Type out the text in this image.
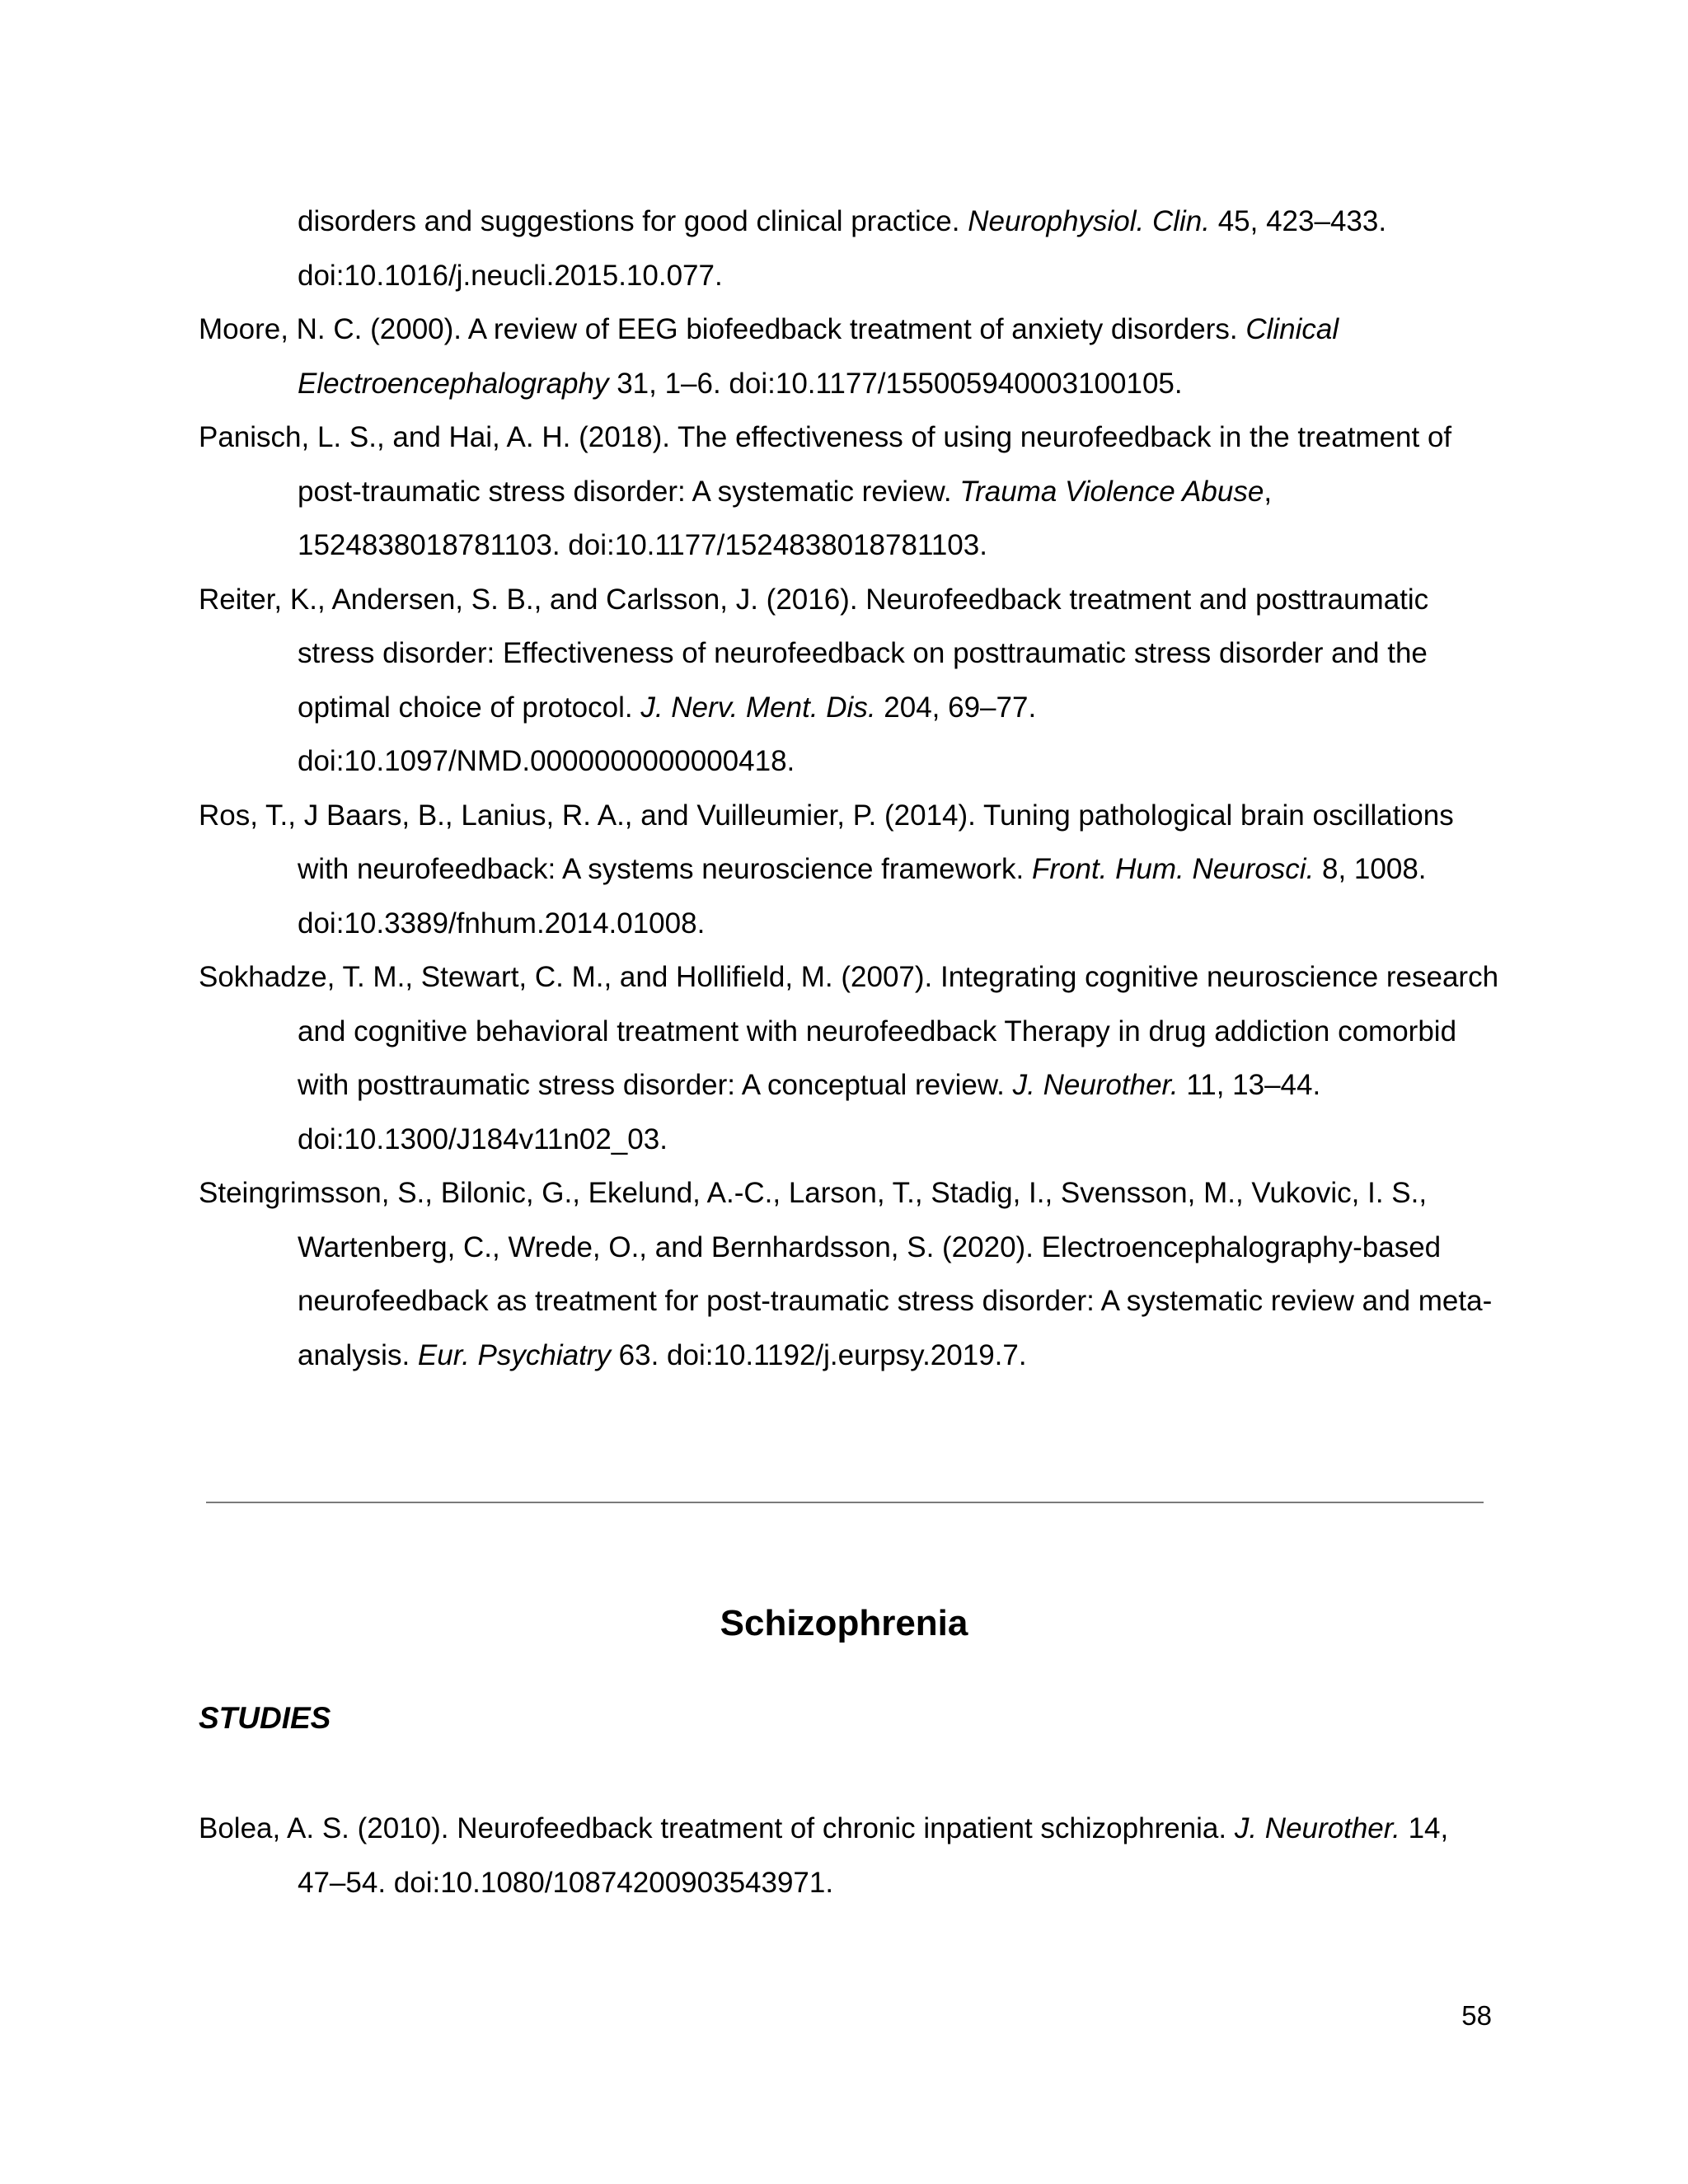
disorders and suggestions for good clinical practice. Neurophysiol. Clin. 45, 423–433. doi:10.1016/j.neucli.2015.10.077.

Moore, N. C. (2000). A review of EEG biofeedback treatment of anxiety disorders. Clinical Electroencephalography 31, 1–6. doi:10.1177/155005940003100105.

Panisch, L. S., and Hai, A. H. (2018). The effectiveness of using neurofeedback in the treatment of post-traumatic stress disorder: A systematic review. Trauma Violence Abuse, 1524838018781103. doi:10.1177/1524838018781103.

Reiter, K., Andersen, S. B., and Carlsson, J. (2016). Neurofeedback treatment and posttraumatic stress disorder: Effectiveness of neurofeedback on posttraumatic stress disorder and the optimal choice of protocol. J. Nerv. Ment. Dis. 204, 69–77. doi:10.1097/NMD.0000000000000418.

Ros, T., J Baars, B., Lanius, R. A., and Vuilleumier, P. (2014). Tuning pathological brain oscillations with neurofeedback: A systems neuroscience framework. Front. Hum. Neurosci. 8, 1008. doi:10.3389/fnhum.2014.01008.

Sokhadze, T. M., Stewart, C. M., and Hollifield, M. (2007). Integrating cognitive neuroscience research and cognitive behavioral treatment with neurofeedback Therapy in drug addiction comorbid with posttraumatic stress disorder: A conceptual review. J. Neurother. 11, 13–44. doi:10.1300/J184v11n02_03.

Steingrimsson, S., Bilonic, G., Ekelund, A.-C., Larson, T., Stadig, I., Svensson, M., Vukovic, I. S., Wartenberg, C., Wrede, O., and Bernhardsson, S. (2020). Electroencephalography-based neurofeedback as treatment for post-traumatic stress disorder: A systematic review and meta-analysis. Eur. Psychiatry 63. doi:10.1192/j.eurpsy.2019.7.

Schizophrenia
STUDIES

Bolea, A. S. (2010). Neurofeedback treatment of chronic inpatient schizophrenia. J. Neurother. 14, 47–54. doi:10.1080/10874200903543971.

58
